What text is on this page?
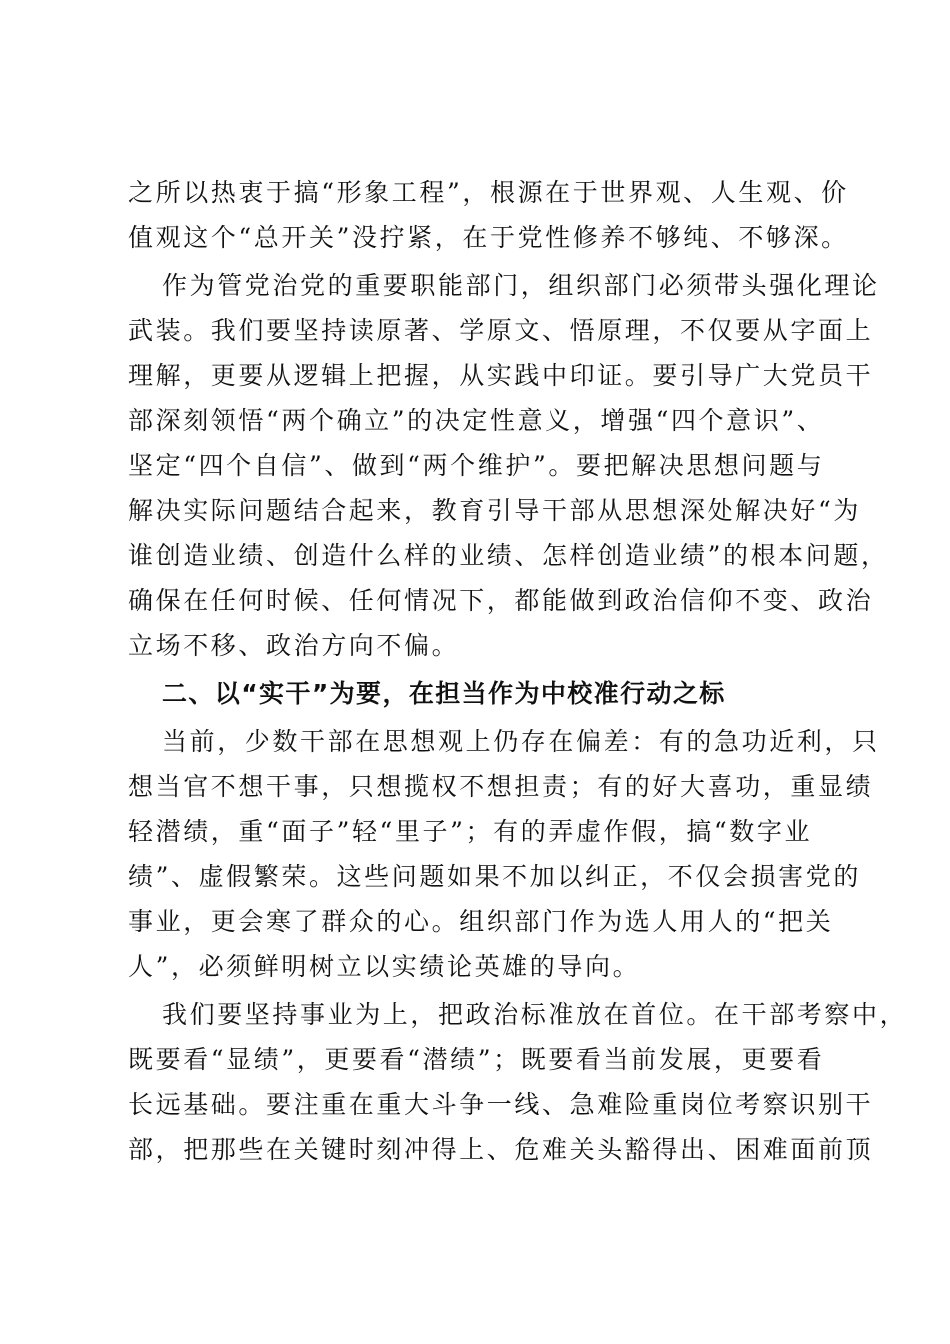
之所以热衷于搞“形象工程”，根源在于世界观、人生观、价
值观这个“总开关”没拧紧，在于党性修养不够纯、不够深。
作为管党治党的重要职能部门，组织部门必须带头强化理论
武装。我们要坚持读原著、学原文、悟原理，不仅要从字面上
理解，更要从逻辑上把握，从实践中印证。要引导广大党员干
部深刻领悟“两个确立”的决定性意义，增强“四个意识”、
坚定“四个自信”、做到“两个维护”。要把解决思想问题与
解决实际问题结合起来，教育引导干部从思想深处解决好“为
谁创造业绩、创造什么样的业绩、怎样创造业绩”的根本问题，
确保在任何时候、任何情况下，都能做到政治信仰不变、政治
立场不移、政治方向不偏。
二、以“实干”为要，在担当作为中校准行动之标
当前，少数干部在思想观上仍存在偏差：有的急功近利，只
想当官不想干事，只想揽权不想担责；有的好大喜功，重显绩
轻潜绩，重“面子”轻“里子”；有的弄虚作假，搞“数字业
绩”、虚假繁荣。这些问题如果不加以纠正，不仅会损害党的
事业，更会寒了群众的心。组织部门作为选人用人的“把关
人”，必须鲜明树立以实绩论英雄的导向。
我们要坚持事业为上，把政治标准放在首位。在干部考察中，
既要看“显绩”，更要看“潜绩”；既要看当前发展，更要看
长远基础。要注重在重大斗争一线、急难险重岗位考察识别干
部，把那些在关键时刻冲得上、危难关头豁得出、困难面前顶
